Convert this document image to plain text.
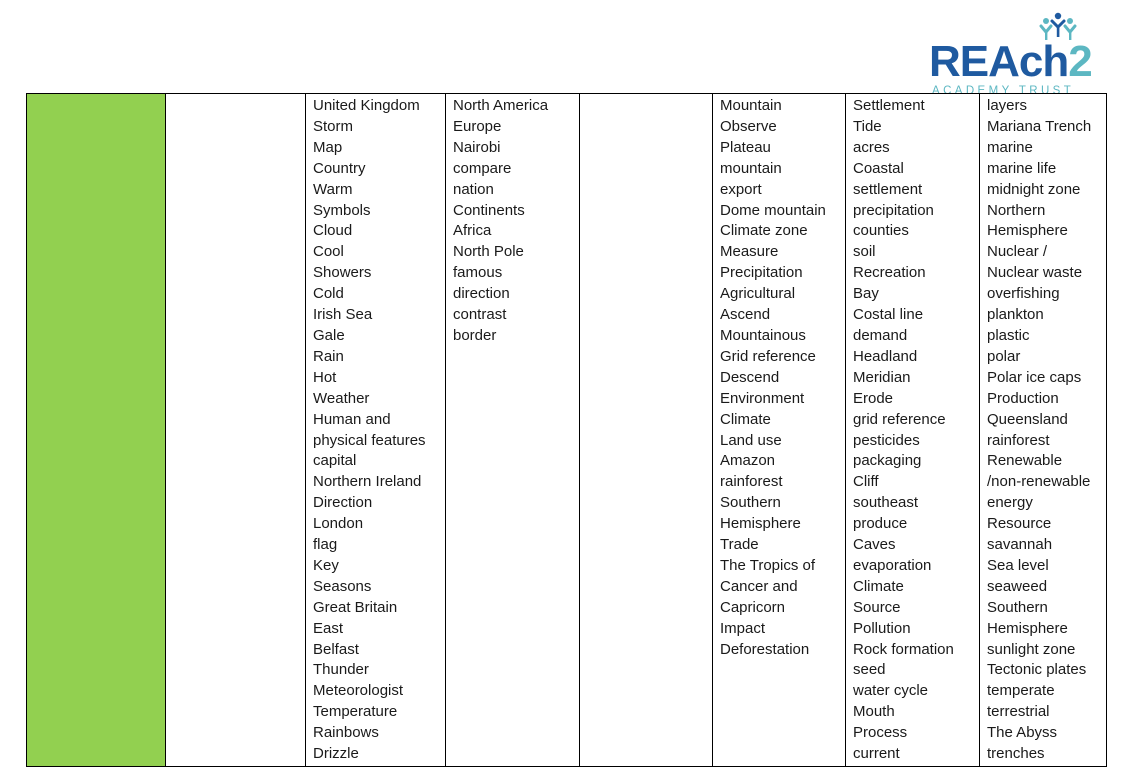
REAch2
ACADEMY TRUST

United Kingdom
Storm
Map
Country
Warm
Symbols
Cloud
Cool
Showers
Cold
Irish Sea
Gale
Rain
Hot
Weather
Human and
physical features
capital
Northern Ireland
Direction
London
flag
Key
Seasons
Great Britain
East
Belfast
Thunder
Meteorologist
Temperature
Rainbows
Drizzle

North America
Europe
Nairobi
compare
nation
Continents
Africa
North Pole
famous
direction
contrast
border

Mountain
Observe
Plateau
mountain
export
Dome mountain
Climate zone
Measure
Precipitation
Agricultural
Ascend
Mountainous
Grid reference
Descend
Environment
Climate
Land use
Amazon
rainforest
Southern
Hemisphere
Trade
The Tropics of
Cancer and
Capricorn
Impact
Deforestation

Settlement
Tide
acres
Coastal
settlement
precipitation
counties
soil
Recreation
Bay
Costal line
demand
Headland
Meridian
Erode
grid reference
pesticides
packaging
Cliff
southeast
produce
Caves
evaporation
Climate
Source
Pollution
Rock formation
seed
water cycle
Mouth
Process
current

layers
Mariana Trench
marine
marine life
midnight zone
Northern
Hemisphere
Nuclear /
Nuclear waste
overfishing
plankton
plastic
polar
Polar ice caps
Production
Queensland
rainforest
Renewable
/non-renewable
energy
Resource
savannah
Sea level
seaweed
Southern
Hemisphere
sunlight zone
Tectonic plates
temperate
terrestrial
The Abyss
trenches
